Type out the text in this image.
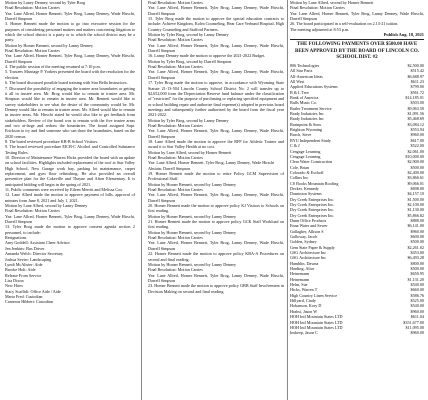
Motion by Laney Denney, second by Tyler Brog

Final Resolution: Motion Carries

Yea: Lane Allred, Homer Bennett, Tyler Brog, Lanny Denney, Wade Hirschi, Darrell Simpson

3. Homer Bennett made the motion to go into executive session for the purposes of considering personnel matters and matters concerning litigation to which the school district is a party or to which the school district may be a party.

Motion by Homer Bennett, second by Lanny Denney

Final Resolution: Motion Carries

Yea: Lane Allred, Homer Bennett, Tyler Brog, Lanny Denney, Wade Hirschi, Darrell Simpson

4. The public session of the meeting resumed at 7:10 p.m.

5. Trustees Marriage P. Yorkers presented the board with the resolution for the election.

6. The board discussed possible board training with Star Bella Instructors.

7. Discussed the possibility of engaging the trustee area boundaries or getting it all in trustee area. Mr. Brog would like to remain in trustee area. Mr. Simpson would like to remain in trustee area. Mr. Bennett would like to survey stakeholders to see what the desire of the community would be. Mr. Denney would like to remain in trustee areas. Mr. Allred would like to remain in trustee areas. Mr. Hirschi stated he would also like to get feedback from stakeholders. Review of the board was to remain with the five trustee areas and two at-large and redraw the boundaries. The board assigned Supt. Erickson to try and find someone who can draw the boundaries, based on the 2020 census.

8. The board reviewed procedure KB-B School Visitors.

9. The board reviewed procedure EICB-C Alcohol and Controlled Substance Testing Rules.

10. Director of Maintenance Warren Hicks provided the board with an update on school facilities. Highlights included replacement of the roof at Star Valley High School, New Garage work bay, parking lot maintenance, carpet replacement, and gym floor refinishing. He also provided an overall preventive plan for the Cokeville and Thayne and Afton Elementary. It is anticipated bidding will begin in the spring of 2021.

11. Public comments were received by Eileen Merritt and Melissa Cox.

12. Lane Allred made the motion to approve payment of bills, approval of minutes from June 8, 2021 and July 1, 2021.

Motion by Lane Allred, second by Lanny Denney

Final Resolution: Motion Carries

Yea: Lane Allred, Homer Bennett, Tyler Brog, Lanny Denney, Wade Hirschi, Darrell Simpson

13. Tyler Brog made the motion to approve consent agenda section 2 personnel, to include:

Resignations

Amy Goddell: Assistant Cheer Advisor

Jen Jenkins: Bus Driver

Amanda Welch: Director Secretary

Joshua Sevier: Landscaping

Lyndi McAlister: Aide

Brooke Holt: Aide

Release From Service

Lisa Dixon

New Hires

Stacy Scaffidi: Office Aide / Aide

Maria Fred: Custodian

Cameron Hibbert: Custodian

Final Resolution: Motion Carries

Yea: Lane Allred, Homer Bennett, Tyler Brog, Lanny Denney, Wade Hirschi, Darrell Simpson

15. Tyler Brog made the motion to approve the special education contracts to include: Achieve Kingdom, Kolea Counseling, Hear Care Verbund Hospital, High Country Counseling and Stafford Partners.

Motion by Tyler Brog, second by Lanny Denney

Final Resolution: Motion Carries

Yea: Lane Allred, Homer Bennett, Tyler Brog, Lanny Denney, Wade Hirschi, Darrell Simpson

16. Lanny Denney made the motion to approve the 2021-2022 Budget.

Motion by Tyler Brog, second by Darrell Simpson

Final Resolution: Motion Carries

Yea: Lane Allred, Homer Bennett, Tyler Brog, Lanny Denney, Wade Hirschi, Darrell Simpson

17. Tyler Brog made the motion to approve, in accordance with Wyoming State Statute 21-13-504 Lincoln County School District No. 2 will transfer up to $2,652,000 from the Depreciation Reserve fund balance under the classification of "restricted" for the purpose of purchasing or replacing specified equipment and or school building repair and authorize final expense(s) adopted in previous board meetings and subsequently further authorized by the board from the fiscal year 2021-2022.

Motion by Tyler Brog, second by Lanny Denney

Final Resolution: Motion Carries

Yea: Lane Allred, Homer Bennett, Tyler Brog, Lanny Denney, Wade Hirschi, Darrell Simpson

18. Lane Allred made the motion to approve the RFP for Athletic Trainer and award it to Star Valley Health at no cost.

Motion by Lane Allred, second by Homer Bennett

Final Resolution: Motion Carries

Yea: Lane Allred, Homer Bennett, Tyler Brog, Lanny Denney, Wade Hirschi

Abstain: Darrell Simpson

19. Homer Bennett made the motion to retire Policy GCM Supervision of Professional Staff.

Motion by Homer Bennett, second by Lanny Denney

Final Resolution: Motion Carries

Yea: Lane Allred, Homer Bennett, Tyler Brog, Lanny Denney, Wade Hirschi, Darrell Simpson

20. Homer Bennett made the motion to approve policy KJ Visitors to Schools on first reading.

Motion by Homer Bennett, second by Lanny Denney

21. Homer Bennett made the motion to approve policy GCK Staff Workload on first reading.

Motion by Homer Bennett, second by Lanny Denney

Final Resolution: Motion Carries

Yea: Lane Allred, Homer Bennett, Tyler Brog, Lanny Denney, Wade Hirschi, Darrell Simpson

22. Homer Bennett made the motion to approve policy KBA-A Procedures on second and final reading.

Motion by Homer Bennett, second by Lanny Denney

Final Resolution: Motion Carries

Yea: Lane Allred, Homer Bennett, Tyler Brog, Lanny Denney, Wade Hirschi, Darrell Simpson

23. Homer Bennett made the motion to approve policy GBB Staff Involvement in Decision Making on second and final reading.

Motion by Lane Allred, second by Homer Bennett

Final Resolution: Motion Carries

Yea: Lane Allred, Homer Bennett, Tyler Brog, Lanny Denney, Wade Hirschi, Darrell Simpson

26. The board participated in a self-evaluation on 2.13-21 tuition.

The meeting adjourned at 8:53 p.m.

Publish Aug. 18, 2021
THE FOLLOWING PAYMENTS OVER $500.00 HAVE BEEN APPROVED BY THE BOARD OF LINCOLN CO. SCHOOL DIST. #2
806 Technologies	$2,500.00
All Star Parts	$515.42
All-American Ideas	$6,688.97
All West	$611.23
Applied Educations Systems	$799.00
B & L Tree	$561.72
Bank of America	$14,185.01
Bulls Music Co.	$503.00
Butler Treatment Service	$9,063.50
Brady Industries Inc	$1,091.56
Brady Industries Inc	$5,468.69
Brainpoint & Sons	$3,084.12
Brighton Wyoming	$553.94
Burch, Steve	$960.00
BYU Independent Study	$617.00
C & J	$522.00
Cengage Learning	$2,061.00
Cengage Learning	$10,000.00
Clear Water Construction	$2,900.00
Cole, Brian	$500.00
Colorado & Eschoff	$2,400.00
Collins Inc	$3,866.61
CS Books Mountain Roofing	$9,066.01
Decker, Kennedy	$698.00
Dominion Systems	$4,157.10
Dry Creek Enterprises Inc.	$1,500.00
Dry Creek Enterprises Inc.	$2,100.00
Dry Creek Enterprises Inc.	$1,130.00
Dry Creek Enterprises Inc.	$5,866.82
Dunn Office Products	$888.00
Enna Water and Sewer	$6,141.00
Gallagher, Allison S	$960.00
Galloway, Jacob	$600.00
Golden, Sydney	$500.00
Gem State Paper & Supply	$2,261.02
GSG Architecture Inc	$453.00
GSG Architecture Inc	$6,493.28
Hamblin, Dawna	$800.00
Harding, Alice	$500.00
Heinemann	$650.95
Heinemann	$1,131.20
Helm, Sue	$540.00
Hicks, Warren T	$660.00
High Country Linen Service	$586.76
Hillyard, Cindy	$525.00
Hokanson, Kory D	$540.00
Hrabsi, Jason W	$960.00
HOH Intl Mountain States LTD	$611.04
HOH Intl Mountain States LTD	$351,677.00
HOH Intl Mountain States LTD	$11,095.00
Inskeep, Jason C	$960.00
